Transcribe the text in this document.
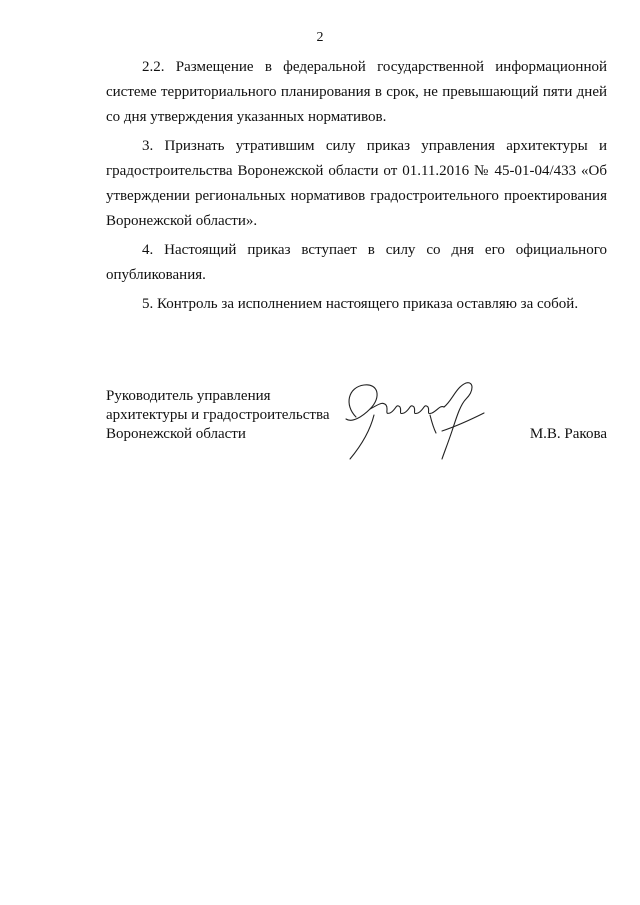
2

2.2. Размещение в федеральной государственной информационной системе территориального планирования в срок, не превышающий пяти дней со дня утверждения указанных нормативов.

3. Признать утратившим силу приказ управления архитектуры и градостроительства Воронежской области от 01.11.2016 № 45-01-04/433 «Об утверждении региональных нормативов градостроительного проектирования Воронежской области».

4. Настоящий приказ вступает в силу со дня его официального опубликования.

5. Контроль за исполнением настоящего приказа оставляю за собой.

Руководитель управления
архитектуры и градостроительства
Воронежской области	М.В. Ракова
